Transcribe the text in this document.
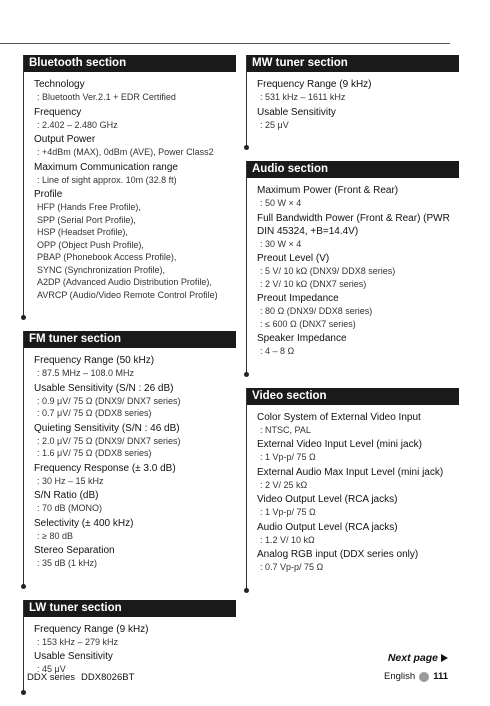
Bluetooth section
Technology
: Bluetooth Ver.2.1 + EDR Certified
Frequency
: 2.402 – 2.480 GHz
Output Power
: +4dBm (MAX), 0dBm (AVE), Power Class2
Maximum Communication range
: Line of sight approx. 10m (32.8 ft)
Profile
HFP (Hands Free Profile),
SPP (Serial Port Profile),
HSP (Headset Profile),
OPP (Object Push Profile),
PBAP (Phonebook Access Profile),
SYNC (Synchronization Profile),
A2DP (Advanced Audio Distribution Profile),
AVRCP (Audio/Video Remote Control Profile)
FM tuner section
Frequency Range (50 kHz)
: 87.5 MHz – 108.0 MHz
Usable Sensitivity (S/N : 26 dB)
: 0.9 μV/ 75 Ω (DNX9/ DNX7 series)
: 0.7 μV/ 75 Ω (DDX8 series)
Quieting Sensitivity (S/N : 46 dB)
: 2.0 μV/ 75 Ω (DNX9/ DNX7 series)
: 1.6 μV/ 75 Ω (DDX8 series)
Frequency Response (± 3.0 dB)
: 30 Hz – 15 kHz
S/N Ratio (dB)
: 70 dB (MONO)
Selectivity (± 400 kHz)
: ≥ 80 dB
Stereo Separation
: 35 dB (1 kHz)
LW tuner section
Frequency Range (9 kHz)
: 153 kHz – 279 kHz
Usable Sensitivity
: 45 μV
MW tuner section
Frequency Range (9 kHz)
: 531 kHz – 1611 kHz
Usable Sensitivity
: 25 μV
Audio section
Maximum Power (Front & Rear)
: 50 W × 4
Full Bandwidth Power (Front & Rear) (PWR DIN 45324, +B=14.4V)
: 30 W × 4
Preout Level (V)
: 5 V/ 10 kΩ (DNX9/ DDX8 series)
: 2 V/ 10 kΩ (DNX7 series)
Preout Impedance
: 80 Ω (DNX9/ DDX8 series)
: ≤ 600 Ω (DNX7 series)
Speaker Impedance
: 4 – 8 Ω
Video section
Color System of External Video Input
: NTSC, PAL
External Video Input Level (mini jack)
: 1 Vp-p/ 75 Ω
External Audio Max Input Level (mini jack)
: 2 V/ 25 kΩ
Video Output Level (RCA jacks)
: 1 Vp-p/ 75 Ω
Audio Output Level (RCA jacks)
: 1.2 V/ 10 kΩ
Analog RGB input (DDX series only)
: 0.7 Vp-p/ 75 Ω
Next page
DDX series DDX8026BT	English 111
